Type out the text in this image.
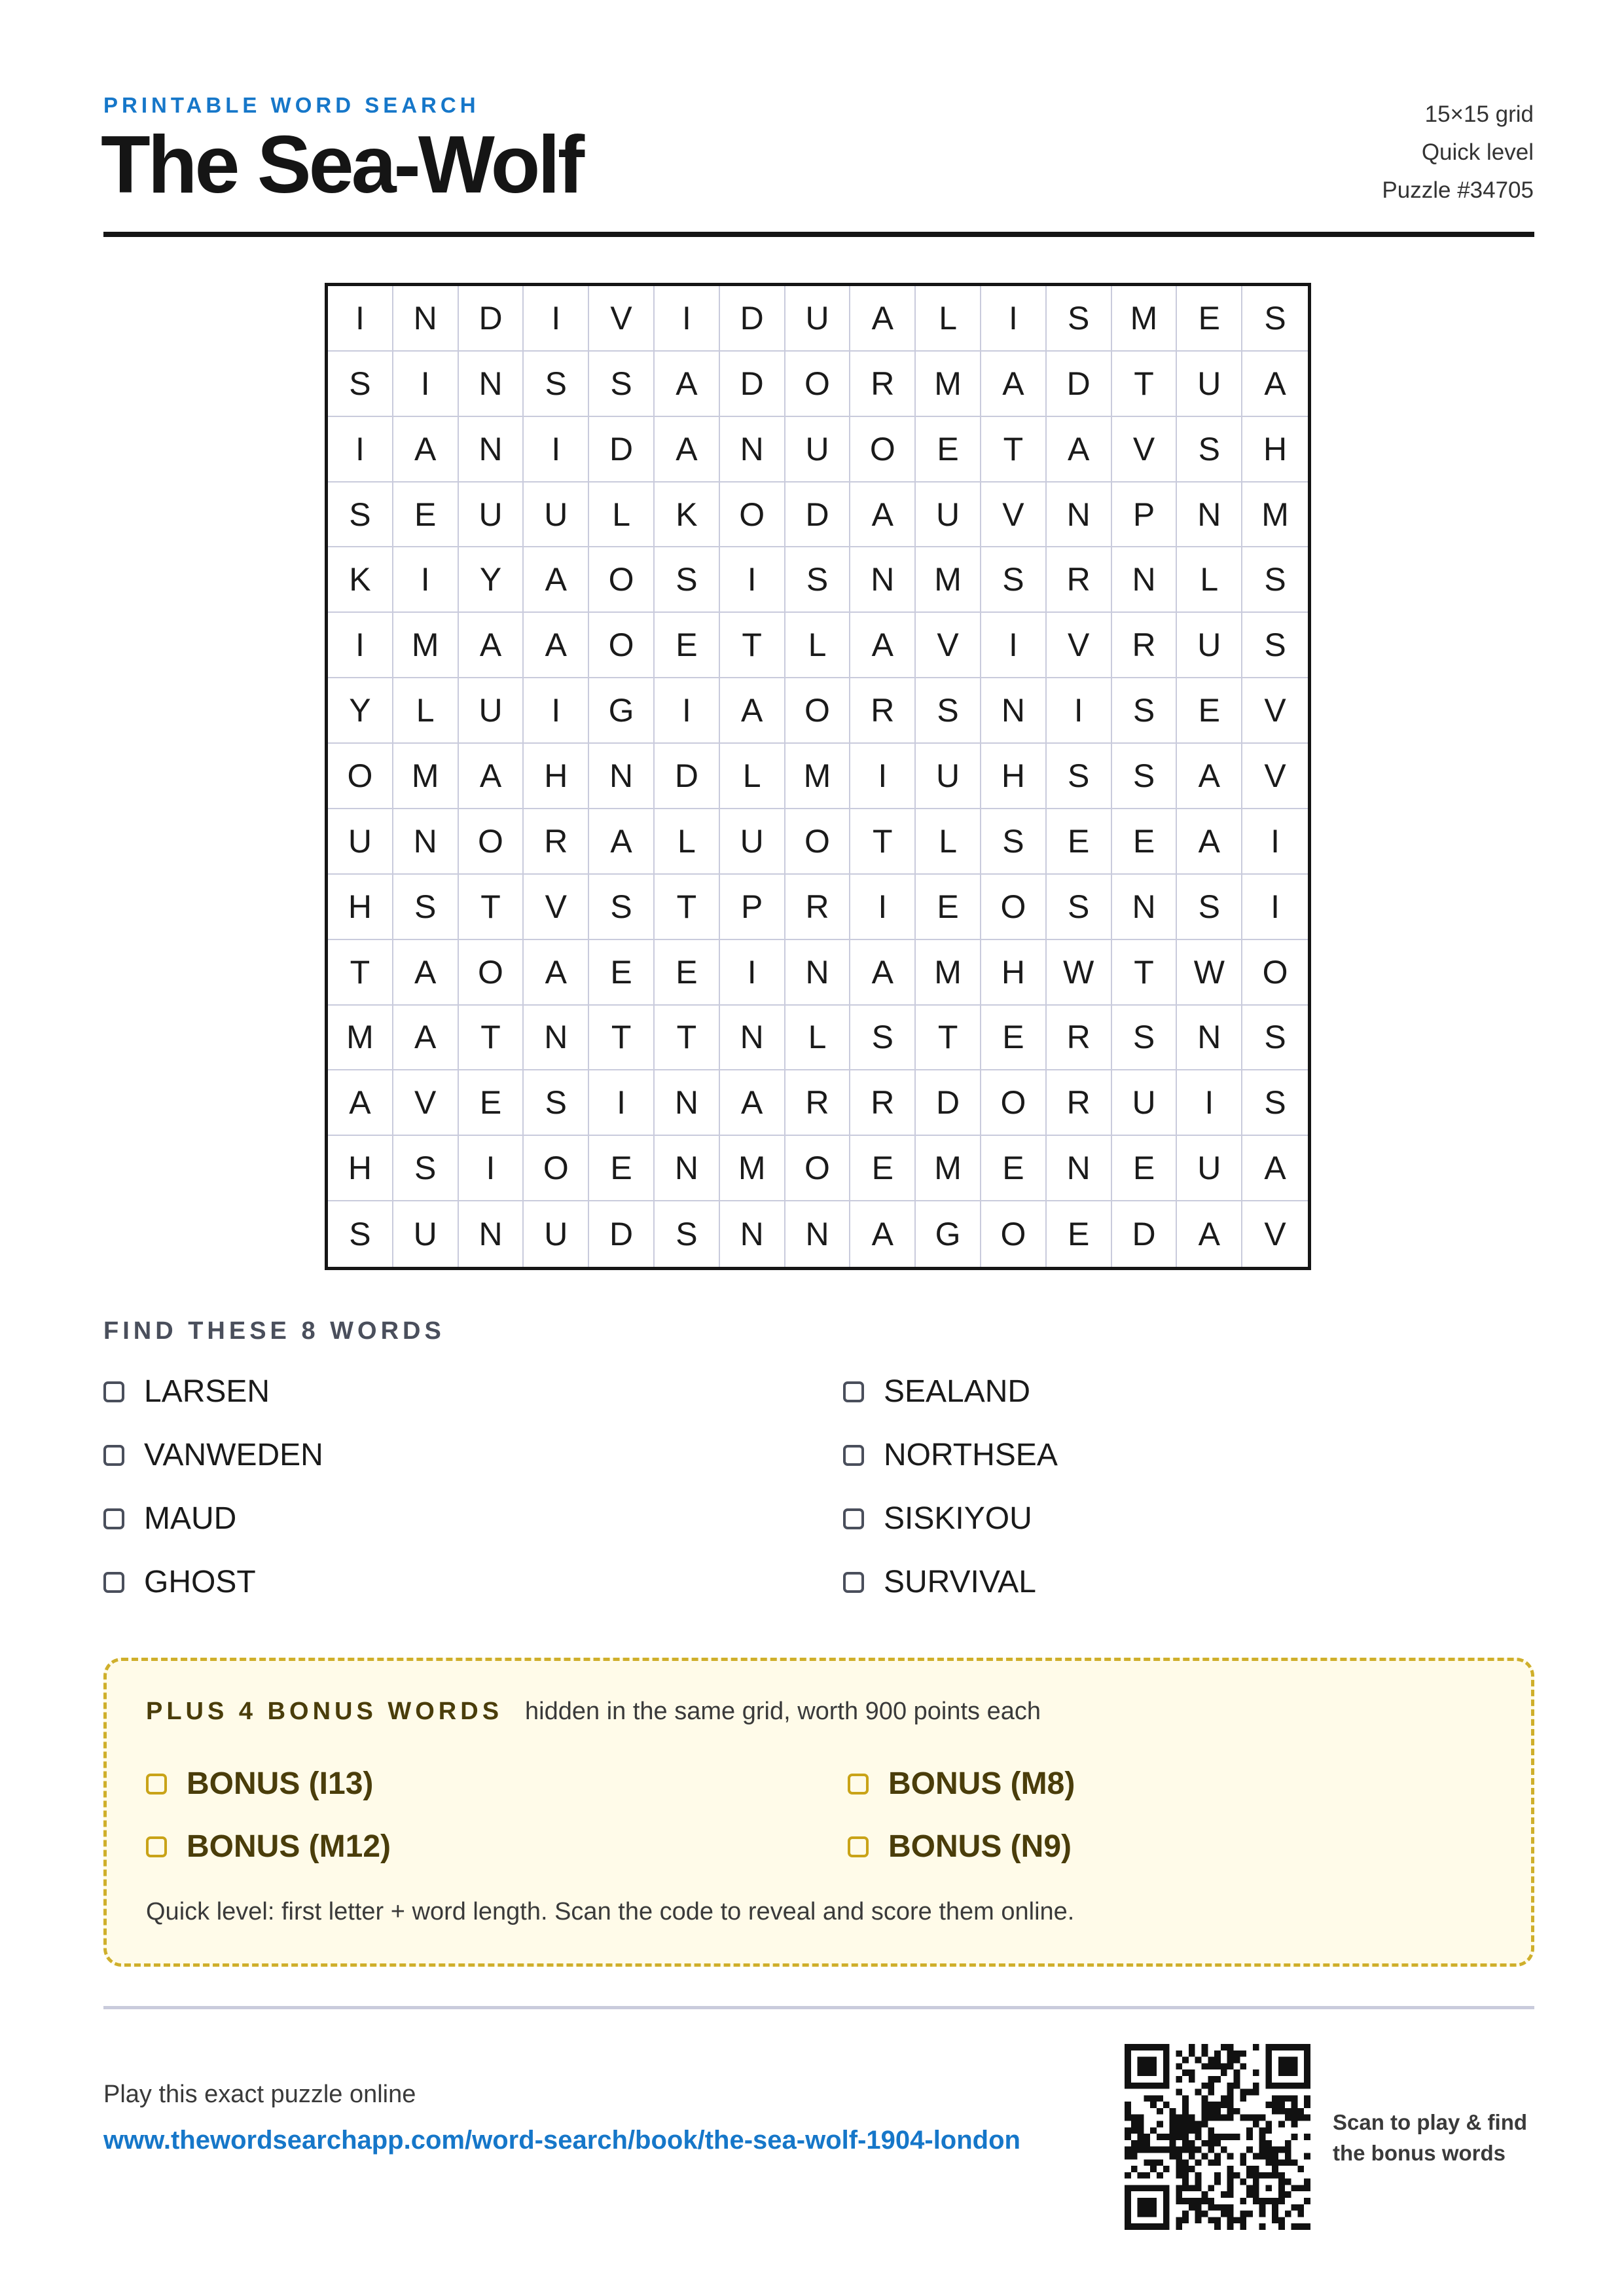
PRINTABLE WORD SEARCH
The Sea-Wolf
15×15 grid
Quick level
Puzzle #34705
I	N	D	I	V	I	D	U	A	L	I	S	M	E	S
S	I	N	S	S	A	D	O	R	M	A	D	T	U	A
I	A	N	I	D	A	N	U	O	E	T	A	V	S	H
S	E	U	U	L	K	O	D	A	U	V	N	P	N	M
K	I	Y	A	O	S	I	S	N	M	S	R	N	L	S
I	M	A	A	O	E	T	L	A	V	I	V	R	U	S
Y	L	U	I	G	I	A	O	R	S	N	I	S	E	V
O	M	A	H	N	D	L	M	I	U	H	S	S	A	V
U	N	O	R	A	L	U	O	T	L	S	E	E	A	I
H	S	T	V	S	T	P	R	I	E	O	S	N	S	I
T	A	O	A	E	E	I	N	A	M	H	W	T	W	O
M	A	T	N	T	T	N	L	S	T	E	R	S	N	S
A	V	E	S	I	N	A	R	R	D	O	R	U	I	S
H	S	I	O	E	N	M	O	E	M	E	N	E	U	A
S	U	N	U	D	S	N	N	A	G	O	E	D	A	V
FIND THESE 8 WORDS
LARSEN	SEALAND
VANWEDEN	NORTHSEA
MAUD	SISKIYOU
GHOST	SURVIVAL
PLUS 4 BONUS WORDS hidden in the same grid, worth 900 points each
BONUS (I13)	BONUS (M8)
BONUS (M12)	BONUS (N9)
Quick level: first letter + word length. Scan the code to reveal and score them online.
Play this exact puzzle online
www.thewordsearchapp.com/word-search/book/the-sea-wolf-1904-london
Scan to play & find
the bonus words
